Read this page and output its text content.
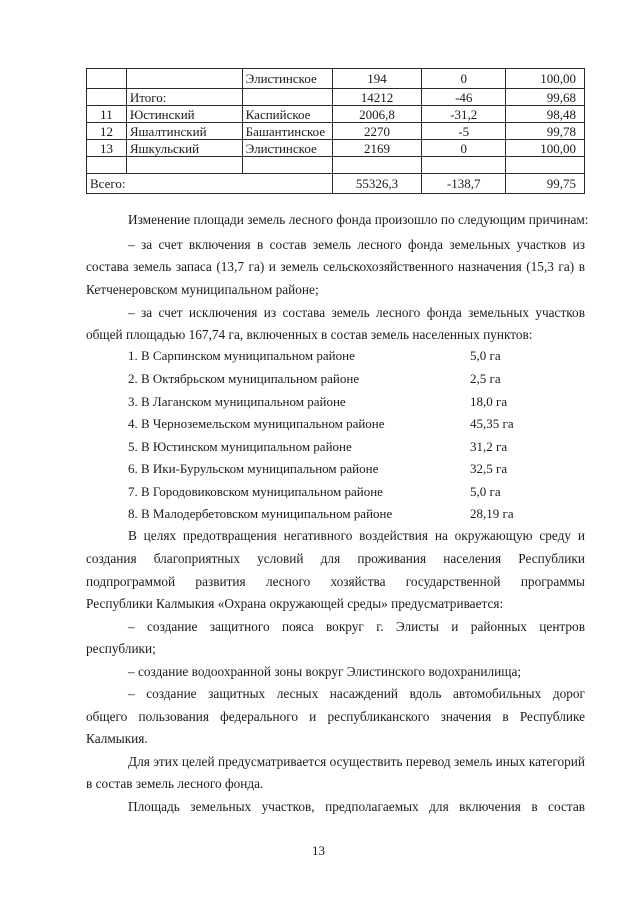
		Элистинское	194	0	100,00
	Итого:		14212	-46	99,68
11	Юстинский	Каспийское	2006,8	-31,2	98,48
12	Яшалтинский	Башантинское	2270	-5	99,78
13	Яшкульский	Элистинское	2169	0	100,00

Всего:			55326,3	-138,7	99,75
Изменение площади земель лесного фонда произошло по следующим причинам:
– за счет включения в состав земель лесного фонда земельных участков из
состава земель запаса (13,7 га) и земель сельскохозяйственного назначения (15,3 га) в
Кетченеровском муниципальном районе;
– за счет исключения из состава земель лесного фонда земельных участков
общей площадью 167,74 га, включенных в состав земель населенных пунктов:
1. В Сарпинском муниципальном районе	5,0 га
2. В Октябрьском муниципальном районе	2,5 га
3. В Лаганском муниципальном районе	18,0 га
4. В Черноземельском муниципальном районе	45,35 га
5. В Юстинском муниципальном районе	31,2 га
6. В Ики-Бурульском муниципальном районе	32,5 га
7. В Городовиковском муниципальном районе	5,0 га
8. В Малодербетовском муниципальном районе	28,19 га
В целях предотвращения негативного воздействия на окружающую среду и
создания благоприятных условий для проживания населения Республики
подпрограммой развития лесного хозяйства государственной программы
Республики Калмыкия «Охрана окружающей среды» предусматривается:
– создание защитного пояса вокруг г. Элисты и районных центров
республики;
– создание водоохранной зоны вокруг Элистинского водохранилища;
– создание защитных лесных насаждений вдоль автомобильных дорог
общего пользования федерального и республиканского значения в Республике
Калмыкия.
Для этих целей предусматривается осуществить перевод земель иных категорий
в состав земель лесного фонда.
Площадь земельных участков, предполагаемых для включения в состав
13
